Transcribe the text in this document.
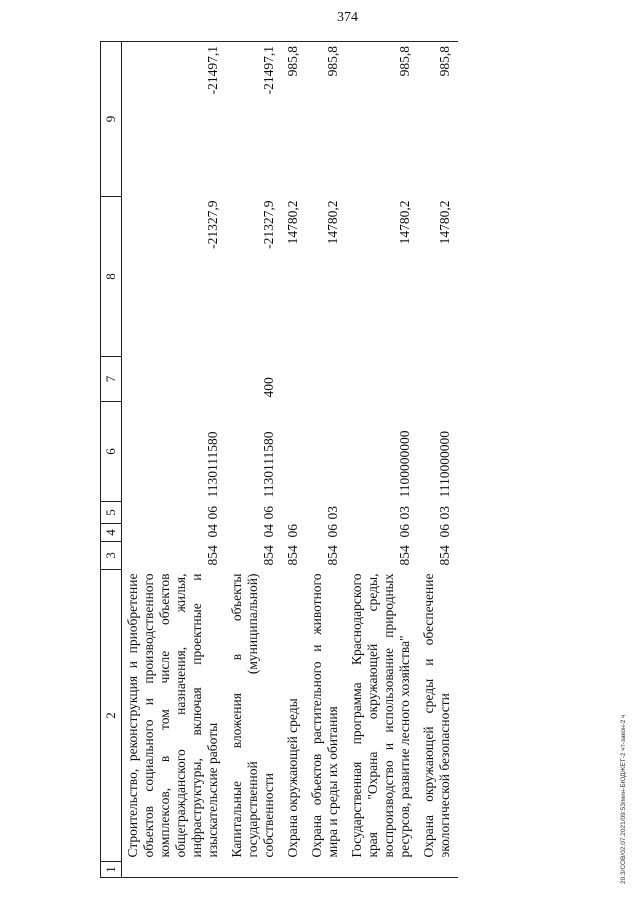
374
20.3/СОВ/02.07.2021/09:53/мин-БЮДЖЕТ-2 чт-закон-2 ч
1	2	3	4	5	6	7	8	9
	Строительство, реконструкция и приобретение объектов социального и производственного комплексов, в том числе объектов общегражданского назначения, жилья, инфраструктуры, включая проектные и изыскательские работы	854	04	06	1130111580		-21327,9	-21497,1
	Капитальные вложения в объекты государственной (муниципальной) собственности	854	04	06	1130111580	400	-21327,9	-21497,1
	Охрана окружающей среды	854	06				14780,2	985,8
	Охрана объектов растительного и животного мира и среды их обитания	854	06	03			14780,2	985,8
	Государственная программа Краснодарского края "Охрана окружающей среды, воспроизводство и использование природных ресурсов, развитие лесного хозяйства"	854	06	03	1100000000		14780,2	985,8
	Охрана окружающей среды и обеспечение экологической безопасности	854	06	03	1110000000		14780,2	985,8
